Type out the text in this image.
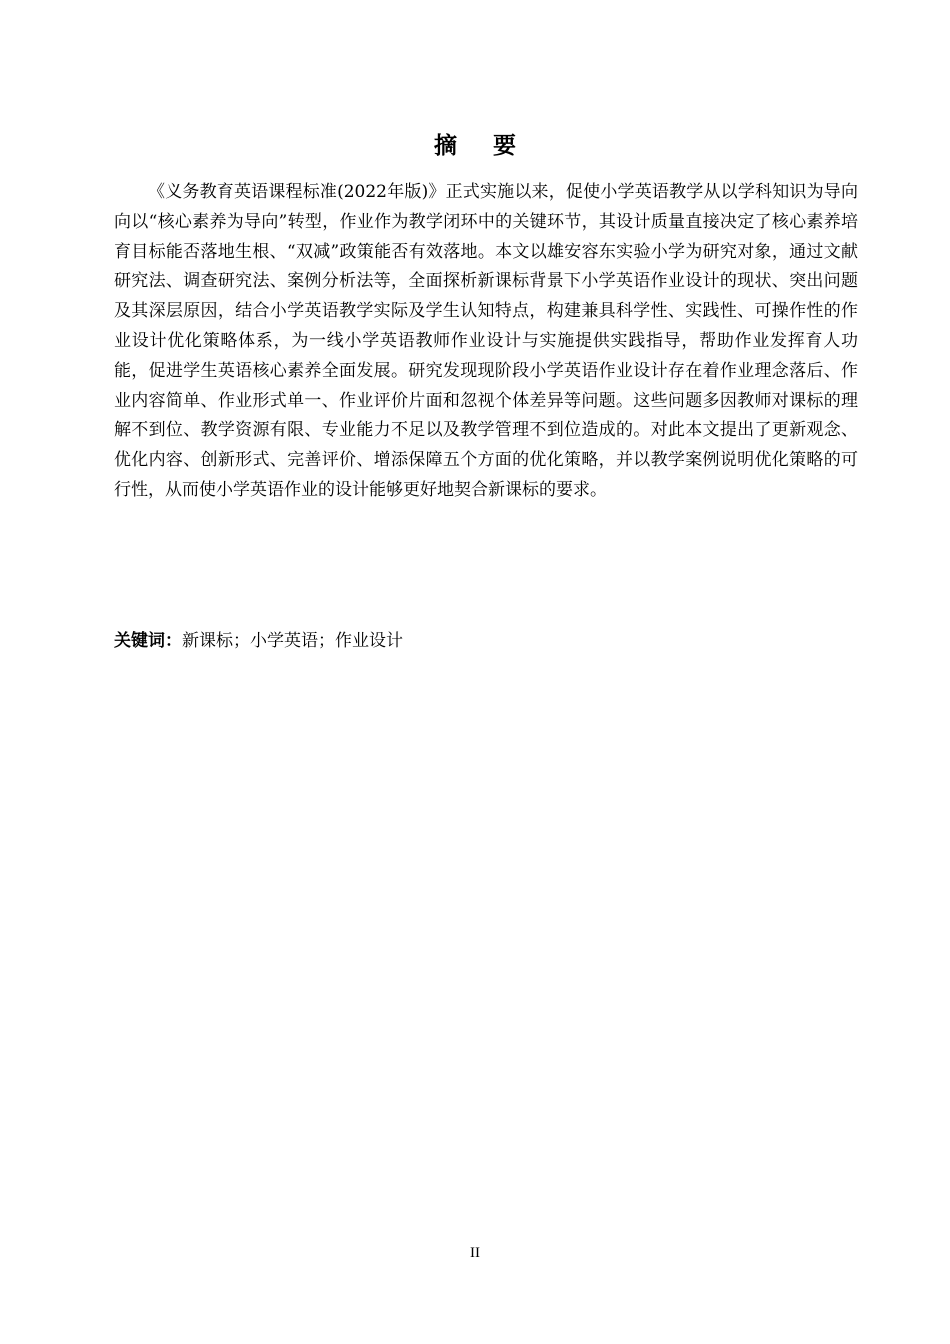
摘 要

《义务教育英语课程标准(2022年版)》正式实施以来，促使小学英语教学从以学科知识为导向向以“核心素养为导向”转型，作业作为教学闭环中的关键环节，其设计质量直接决定了核心素养培育目标能否落地生根、“双减”政策能否有效落地。本文以雄安容东实验小学为研究对象，通过文献研究法、调查研究法、案例分析法等，全面探析新课标背景下小学英语作业设计的现状、突出问题及其深层原因，结合小学英语教学实际及学生认知特点，构建兼具科学性、实践性、可操作性的作业设计优化策略体系，为一线小学英语教师作业设计与实施提供实践指导，帮助作业发挥育人功能，促进学生英语核心素养全面发展。研究发现现阶段小学英语作业设计存在着作业理念落后、作业内容简单、作业形式单一、作业评价片面和忽视个体差异等问题。这些问题多因教师对课标的理解不到位、教学资源有限、专业能力不足以及教学管理不到位造成的。对此本文提出了更新观念、优化内容、创新形式、完善评价、增添保障五个方面的优化策略，并以教学案例说明优化策略的可行性，从而使小学英语作业的设计能够更好地契合新课标的要求。

关键词：新课标；小学英语；作业设计

II
